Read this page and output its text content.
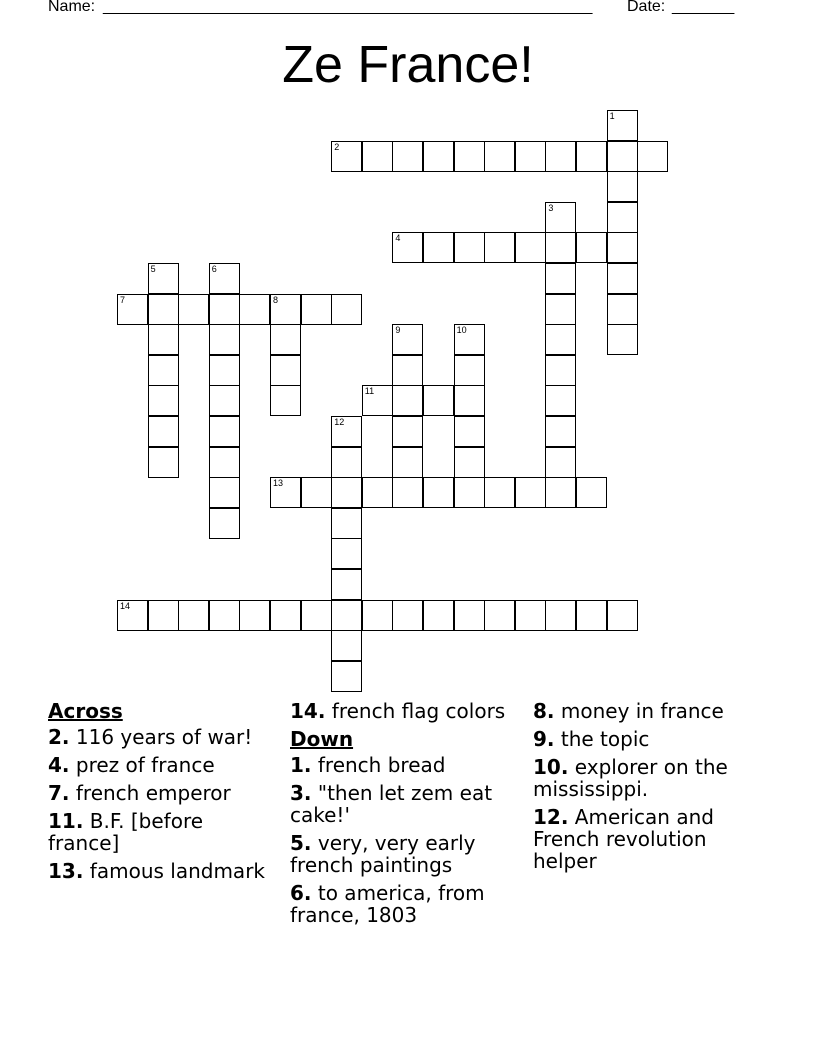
Name: _______________________________________________________ Date: _______
Ze France!
1
2
3
4
5	6
7	8
9	10
11
12
13
14
Across
2. 116 years of war!
4. prez of france
7. french emperor
11. B.F. [before france]
13. famous landmark
14. french flag colors
Down
1. french bread
3. "then let zem eat cake!'
5. very, very early french paintings
6. to america, from france, 1803
8. money in france
9. the topic
10. explorer on the mississippi.
12. American and French revolution helper
